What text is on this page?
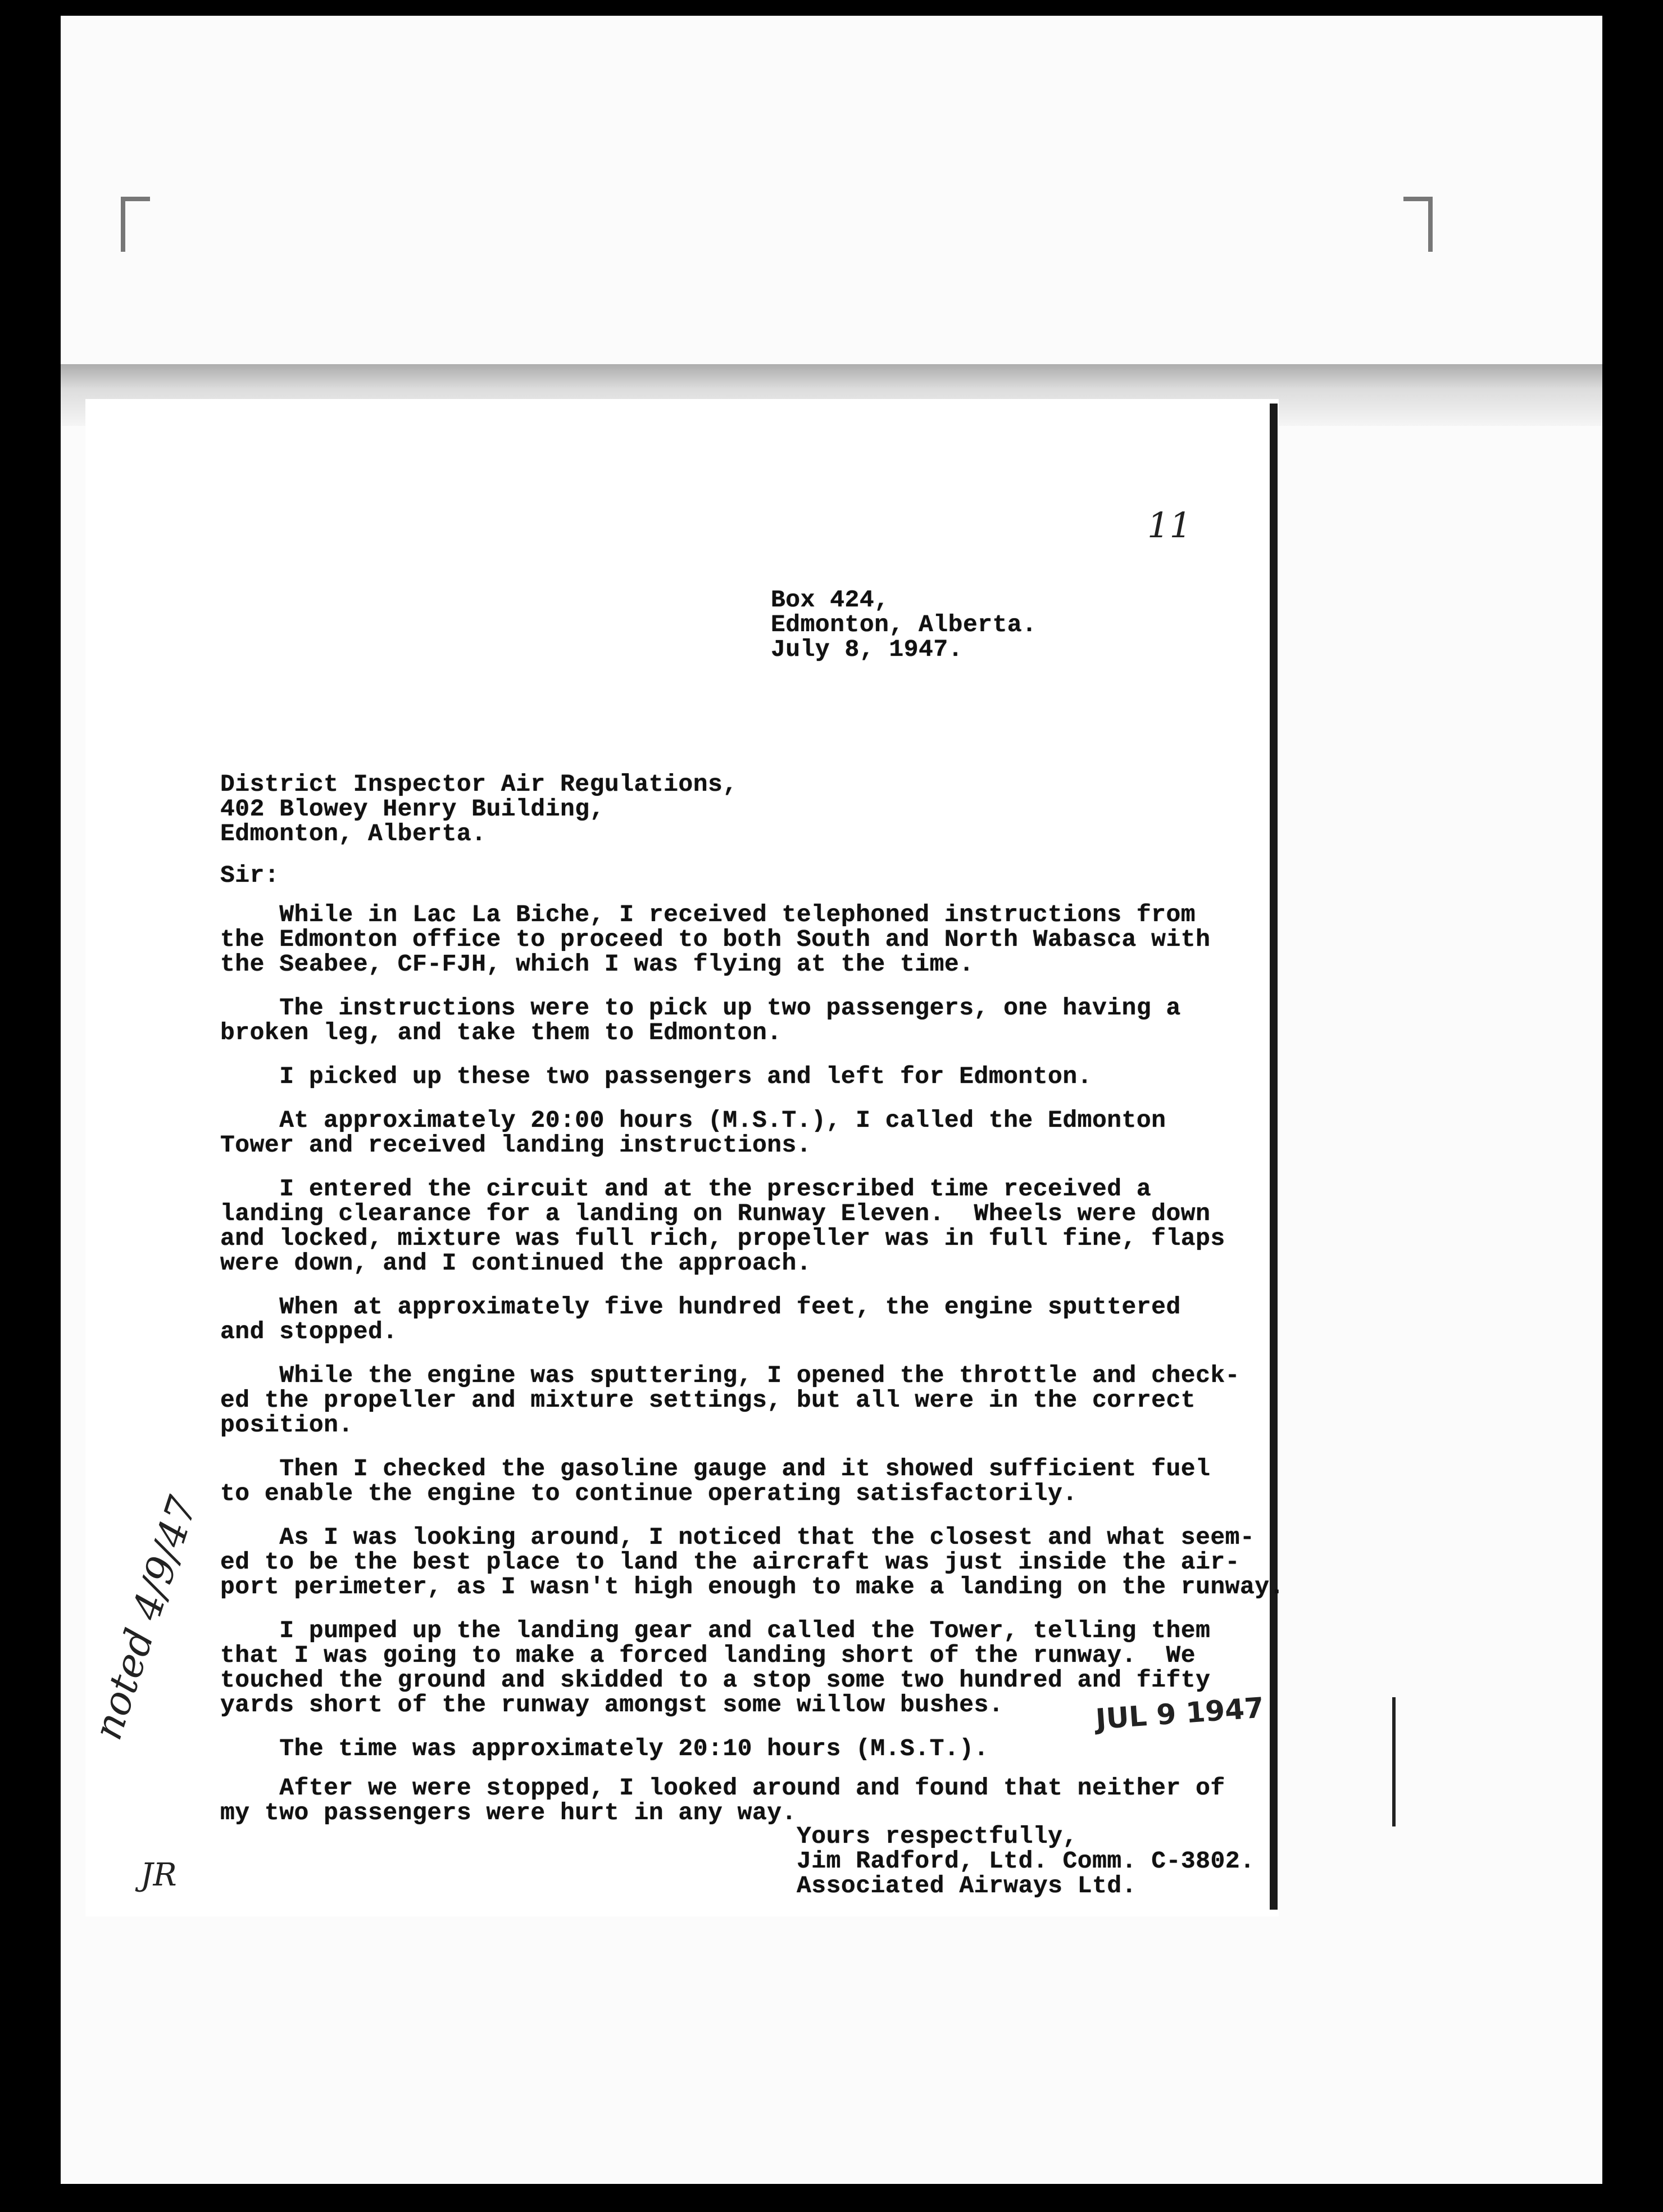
11
Box 424,
Edmonton, Alberta.
July 8, 1947.
District Inspector Air Regulations,
402 Blowey Henry Building,
Edmonton, Alberta.
Sir:
While in Lac La Biche, I received telephoned instructions from
the Edmonton office to proceed to both South and North Wabasca with
the Seabee, CF-FJH, which I was flying at the time.
The instructions were to pick up two passengers, one having a
broken leg, and take them to Edmonton.
I picked up these two passengers and left for Edmonton.
At approximately 20:00 hours (M.S.T.), I called the Edmonton
Tower and received landing instructions.
I entered the circuit and at the prescribed time received a
landing clearance for a landing on Runway Eleven.  Wheels were down
and locked, mixture was full rich, propeller was in full fine, flaps
were down, and I continued the approach.
When at approximately five hundred feet, the engine sputtered
and stopped.
While the engine was sputtering, I opened the throttle and check-
ed the propeller and mixture settings, but all were in the correct
position.
Then I checked the gasoline gauge and it showed sufficient fuel
to enable the engine to continue operating satisfactorily.
As I was looking around, I noticed that the closest and what seem-
ed to be the best place to land the aircraft was just inside the air-
port perimeter, as I wasn't high enough to make a landing on the runway.
I pumped up the landing gear and called the Tower, telling them
that I was going to make a forced landing short of the runway.  We
touched the ground and skidded to a stop some two hundred and fifty
yards short of the runway amongst some willow bushes.
The time was approximately 20:10 hours (M.S.T.).
After we were stopped, I looked around and found that neither of
my two passengers were hurt in any way.
Yours respectfully,
Jim Radford, Ltd. Comm. C-3802.
Associated Airways Ltd.
JUL 9 1947
noted 4/9/47
JR
